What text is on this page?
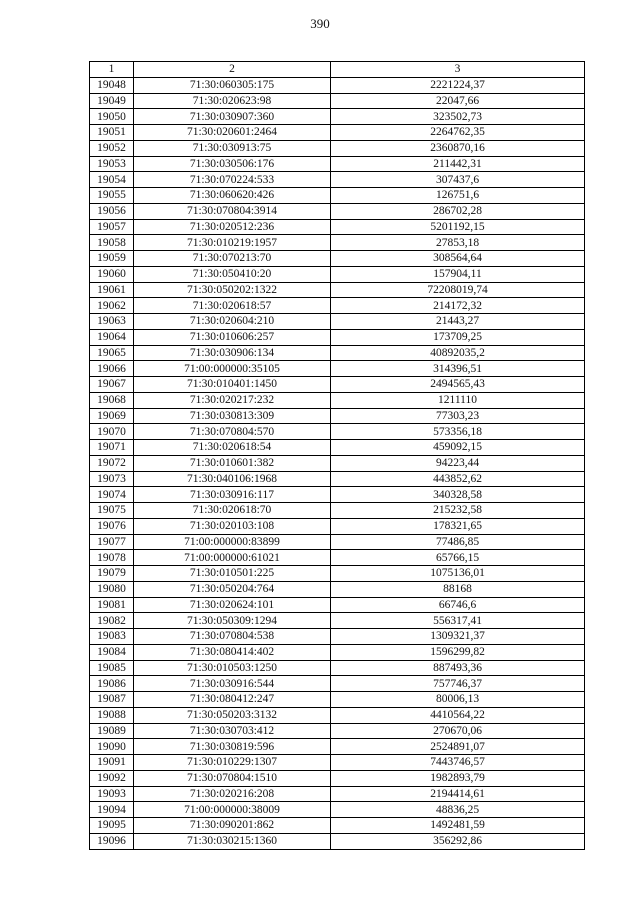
390
1	2	3
19048	71:30:060305:175	2221224,37
19049	71:30:020623:98	22047,66
19050	71:30:030907:360	323502,73
19051	71:30:020601:2464	2264762,35
19052	71:30:030913:75	2360870,16
19053	71:30:030506:176	211442,31
19054	71:30:070224:533	307437,6
19055	71:30:060620:426	126751,6
19056	71:30:070804:3914	286702,28
19057	71:30:020512:236	5201192,15
19058	71:30:010219:1957	27853,18
19059	71:30:070213:70	308564,64
19060	71:30:050410:20	157904,11
19061	71:30:050202:1322	72208019,74
19062	71:30:020618:57	214172,32
19063	71:30:020604:210	21443,27
19064	71:30:010606:257	173709,25
19065	71:30:030906:134	40892035,2
19066	71:00:000000:35105	314396,51
19067	71:30:010401:1450	2494565,43
19068	71:30:020217:232	1211110
19069	71:30:030813:309	77303,23
19070	71:30:070804:570	573356,18
19071	71:30:020618:54	459092,15
19072	71:30:010601:382	94223,44
19073	71:30:040106:1968	443852,62
19074	71:30:030916:117	340328,58
19075	71:30:020618:70	215232,58
19076	71:30:020103:108	178321,65
19077	71:00:000000:83899	77486,85
19078	71:00:000000:61021	65766,15
19079	71:30:010501:225	1075136,01
19080	71:30:050204:764	88168
19081	71:30:020624:101	66746,6
19082	71:30:050309:1294	556317,41
19083	71:30:070804:538	1309321,37
19084	71:30:080414:402	1596299,82
19085	71:30:010503:1250	887493,36
19086	71:30:030916:544	757746,37
19087	71:30:080412:247	80006,13
19088	71:30:050203:3132	4410564,22
19089	71:30:030703:412	270670,06
19090	71:30:030819:596	2524891,07
19091	71:30:010229:1307	7443746,57
19092	71:30:070804:1510	1982893,79
19093	71:30:020216:208	2194414,61
19094	71:00:000000:38009	48836,25
19095	71:30:090201:862	1492481,59
19096	71:30:030215:1360	356292,86
